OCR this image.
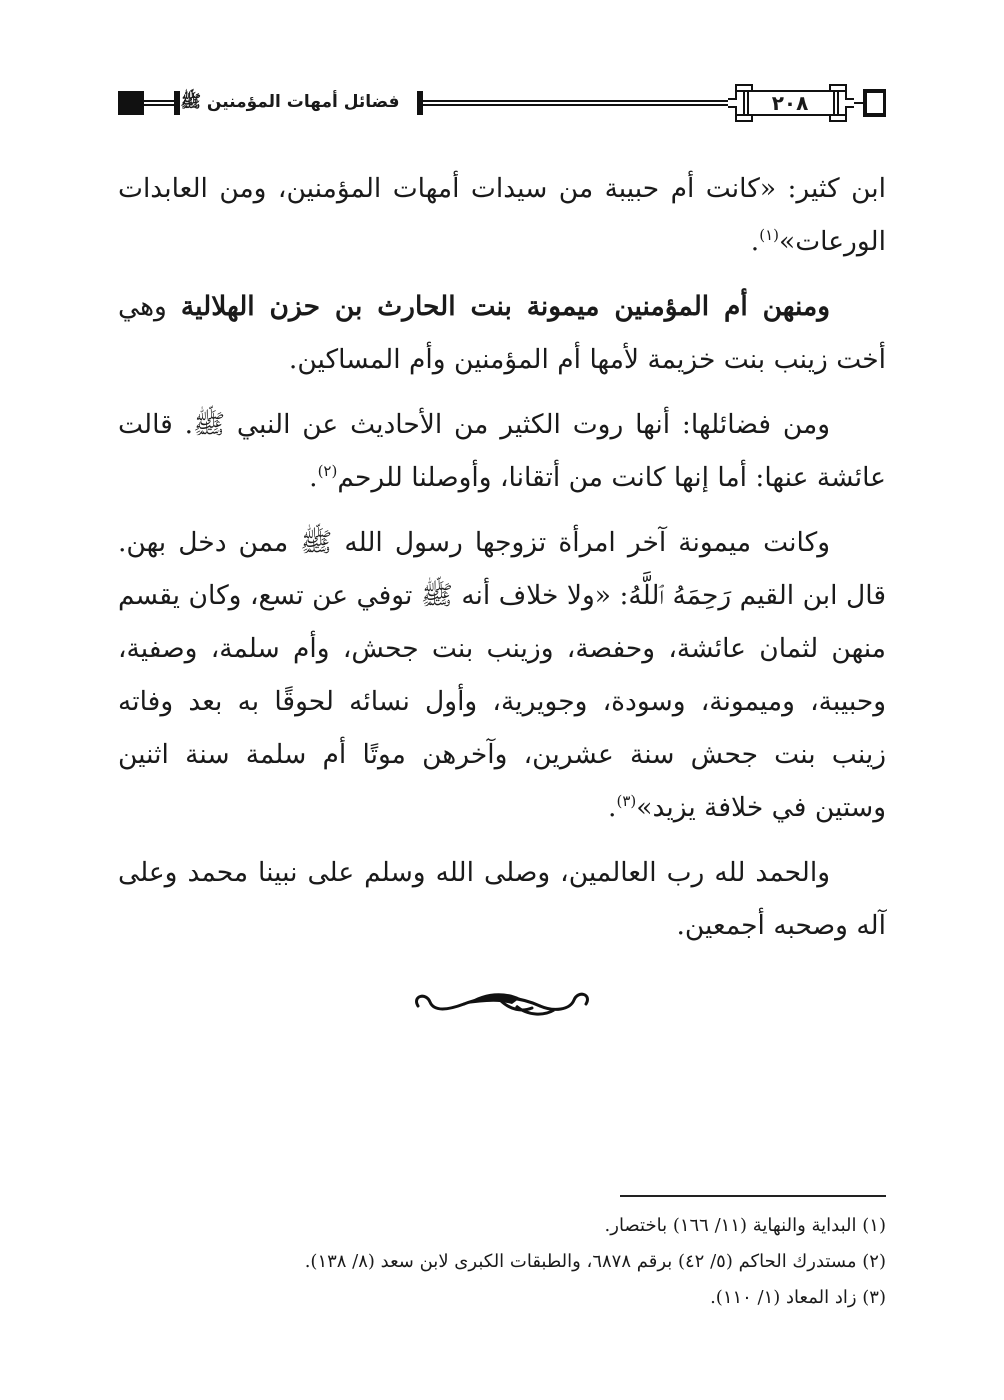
٢٠٨
فضائل أمهات المؤمنين ﷺ

ابن كثير: «كانت أم حبيبة من سيدات أمهات المؤمنين، ومن العابدات الورعات»$^{(١)}$.

ومنهن أم المؤمنين ميمونة بنت الحارث بن حزن الهلالية وهي أخت زينب بنت خزيمة لأمها أم المؤمنين وأم المساكين.

ومن فضائلها: أنها روت الكثير من الأحاديث عن النبي ﷺ. قالت عائشة عنها: أما إنها كانت من أتقانا، وأوصلنا للرحم$^{(٢)}$.

وكانت ميمونة آخر امرأة تزوجها رسول الله ﷺ ممن دخل بهن. قال ابن القيم رَحِمَهُ ٱللَّهُ: «ولا خلاف أنه ﷺ توفي عن تسع، وكان يقسم منهن لثمان عائشة، وحفصة، وزينب بنت جحش، وأم سلمة، وصفية، وحبيبة، وميمونة، وسودة، وجويرية، وأول نسائه لحوقًا به بعد وفاته زينب بنت جحش سنة عشرين، وآخرهن موتًا أم سلمة سنة اثنين وستين في خلافة يزيد»$^{(٣)}$.

والحمد لله رب العالمين، وصلى الله وسلم على نبينا محمد وعلى آله وصحبه أجمعين.

(١) البداية والنهاية (١١/ ١٦٦) باختصار.
(٢) مستدرك الحاكم (٥/ ٤٢) برقم ٦٨٧٨، والطبقات الكبرى لابن سعد (٨/ ١٣٨).
(٣) زاد المعاد (١/ ١١٠).
